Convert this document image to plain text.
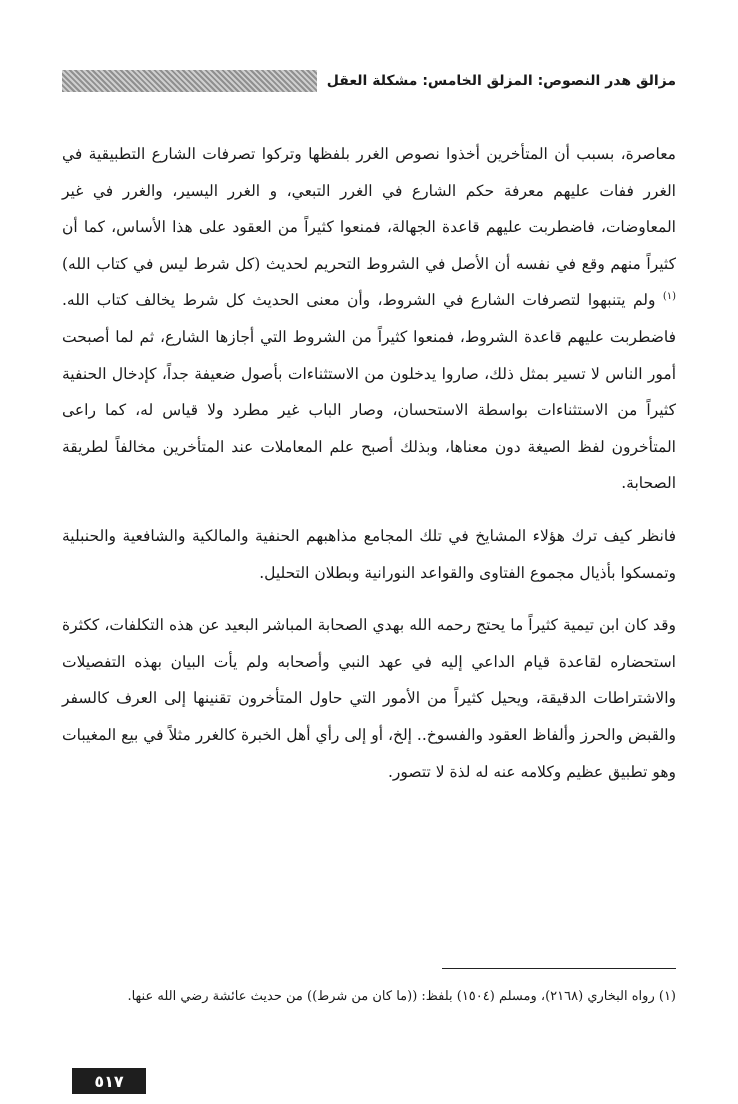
مزالق هدر النصوص: المزلق الخامس: مشكلة العقل

معاصرة، بسبب أن المتأخرين أخذوا نصوص الغرر بلفظها وتركوا تصرفات الشارع التطبيقية في الغرر ففات عليهم معرفة حكم الشارع في الغرر التبعي، و الغرر اليسير، والغرر في غير المعاوضات، فاضطربت عليهم قاعدة الجهالة، فمنعوا كثيراً من العقود على هذا الأساس، كما أن كثيراً منهم وقع في نفسه أن الأصل في الشروط التحريم لحديث (كل شرط ليس في كتاب الله)$^{(١)}$ ولم يتنبهوا لتصرفات الشارع في الشروط، وأن معنى الحديث كل شرط يخالف كتاب الله. فاضطربت عليهم قاعدة الشروط، فمنعوا كثيراً من الشروط التي أجازها الشارع، ثم لما أصبحت أمور الناس لا تسير بمثل ذلك، صاروا يدخلون من الاستثناءات بأصول ضعيفة جداً، كإدخال الحنفية كثيراً من الاستثناءات بواسطة الاستحسان، وصار الباب غير مطرد ولا قياس له، كما راعى المتأخرون لفظ الصيغة دون معناها، وبذلك أصبح علم المعاملات عند المتأخرين مخالفاً لطريقة الصحابة.

فانظر كيف ترك هؤلاء المشايخ في تلك المجامع مذاهبهم الحنفية والمالكية والشافعية والحنبلية وتمسكوا بأذيال مجموع الفتاوى والقواعد النورانية وبطلان التحليل.

وقد كان ابن تيمية كثيراً ما يحتج رحمه الله بهدي الصحابة المباشر البعيد عن هذه التكلفات، ككثرة استحضاره لقاعدة قيام الداعي إليه في عهد النبي وأصحابه ولم يأت البيان بهذه التفصيلات والاشتراطات الدقيقة، ويحيل كثيراً من الأمور التي حاول المتأخرون تقنينها إلى العرف كالسفر والقبض والحرز وألفاظ العقود والفسوخ.. إلخ، أو إلى رأي أهل الخبرة كالغرر مثلاً في بيع المغيبات وهو تطبيق عظيم وكلامه عنه له لذة لا تتصور.

(١) رواه البخاري (٢١٦٨)، ومسلم (١٥٠٤) بلفظ: ((ما كان من شرط)) من حديث عائشة رضي الله عنها.

٥١٧
